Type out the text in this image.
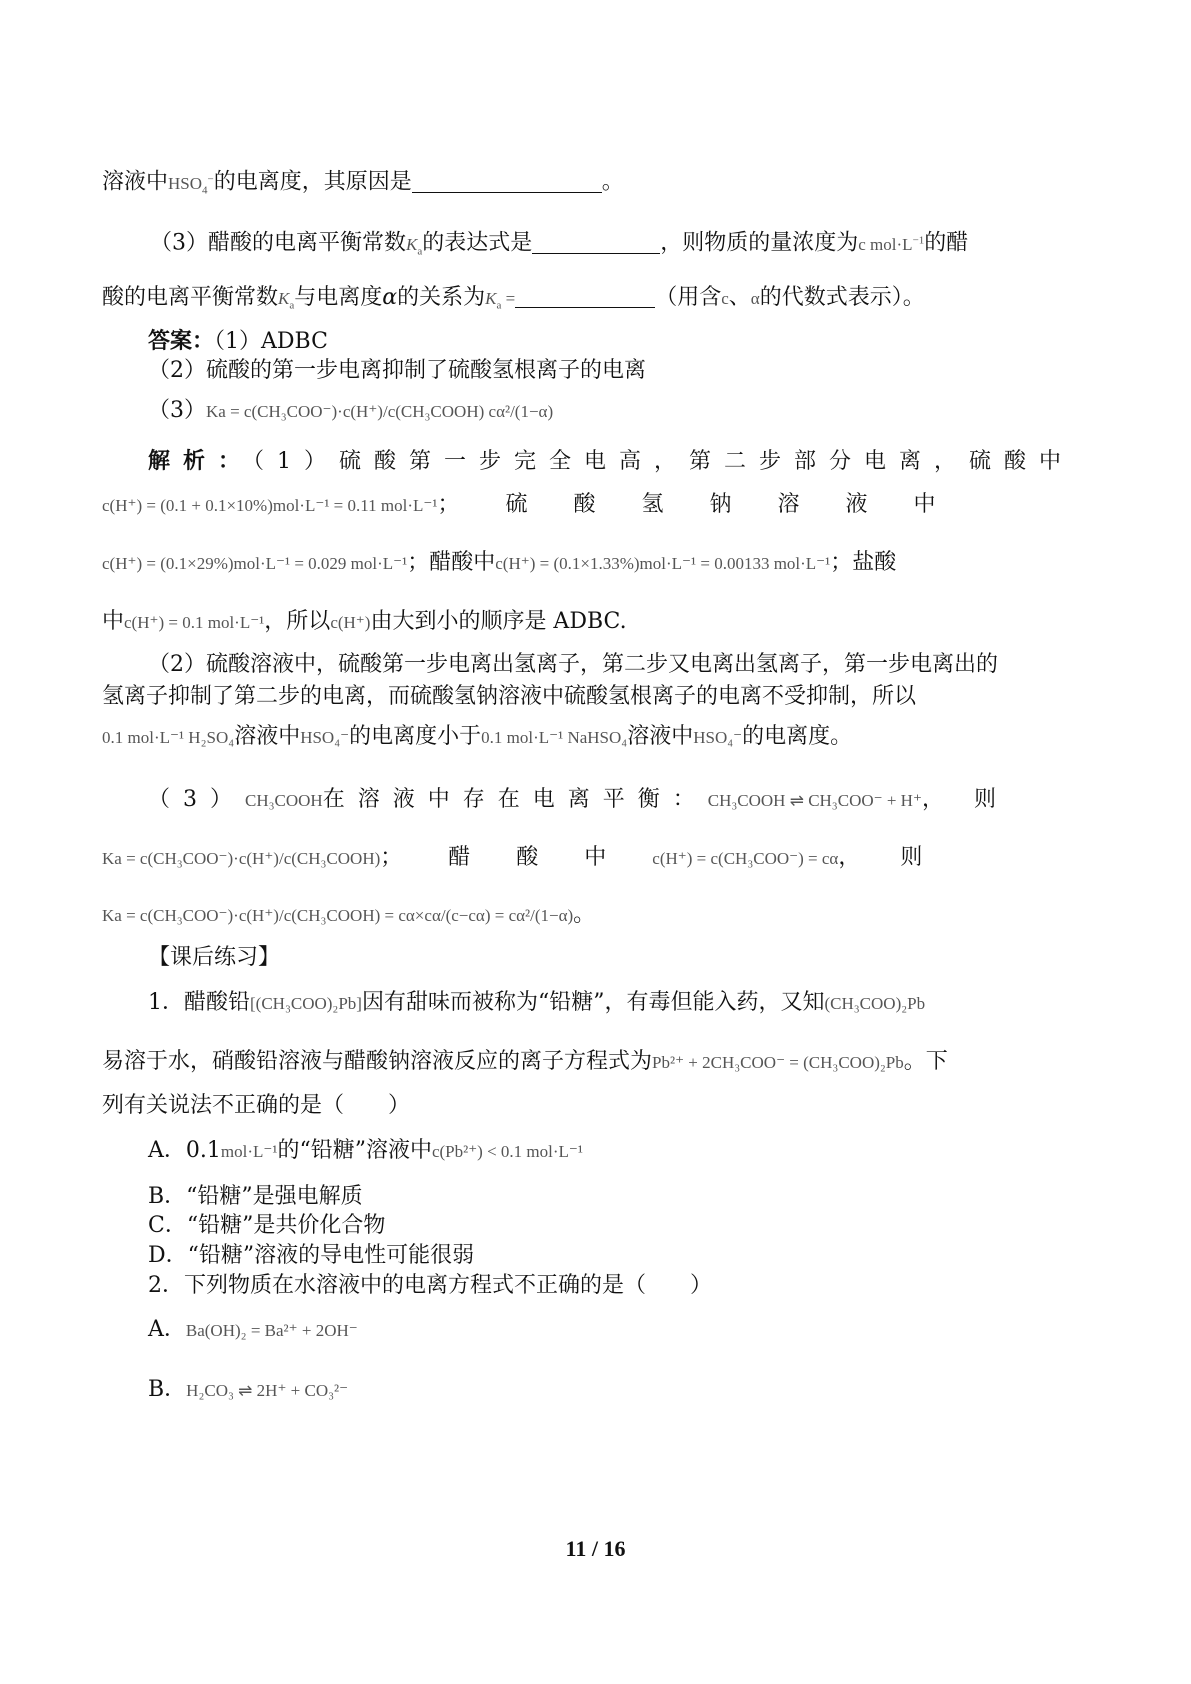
溶液中$HSO_4^-$的电离度，其原因是	。
（3）醋酸的电离平衡常数$K_a$的表达式是	，则物质的量浓度为c $mol\cdot L^{-1}$的醋
酸的电离平衡常数$K_a$与电离度α的关系为$K_a$ =	（用含c、α的代数式表示）。
答案：（1）ADBC
（2）硫酸的第一步电离抑制了硫酸氢根离子的电离
（3）Ka = c(CH₃COO⁻)·c(H⁺)/c(CH₃COOH) cα²/(1−α)
解析：（1）硫酸第一步完全电高，第二步部分电离，硫酸中
c(H⁺) = (0.1 + 0.1×10%)mol·L⁻¹ = 0.11 mol·L⁻¹；硫酸氢钠溶液中
c(H⁺) = (0.1×29%)mol·L⁻¹ = 0.029 mol·L⁻¹；醋酸中c(H⁺) = (0.1×1.33%)mol·L⁻¹ = 0.00133 mol·L⁻¹；盐酸
中c(H⁺) = 0.1 mol·L⁻¹，所以c(H⁺)由大到小的顺序是 ADBC.
（2）硫酸溶液中，硫酸第一步电离出氢离子，第二步又电离出氢离子，第一步电离出的
氢离子抑制了第二步的电离，而硫酸氢钠溶液中硫酸氢根离子的电离不受抑制，所以
0.1 mol·L⁻¹ H₂SO₄溶液中HSO₄⁻的电离度小于0.1 mol·L⁻¹ NaHSO₄溶液中HSO₄⁻的电离度。
（3）CH₃COOH在溶液中存在电离平衡：CH₃COOH ⇌ CH₃COO⁻ + H⁺，则
Ka = c(CH₃COO⁻)·c(H⁺)/c(CH₃COOH)；醋酸中c(H⁺) = c(CH₃COO⁻) = cα，则
Ka = c(CH₃COO⁻)·c(H⁺)/c(CH₃COOH) = cα×cα/(c−cα) = cα²/(1−α)。
【课后练习】
1．醋酸铅[(CH₃COO)₂Pb]因有甜味而被称为“铅糖”，有毒但能入药，又知(CH₃COO)₂Pb
易溶于水，硝酸铅溶液与醋酸钠溶液反应的离子方程式为Pb²⁺ + 2CH₃COO⁻ = (CH₃COO)₂Pb。下
列有关说法不正确的是（　　）
A．0.1mol·L⁻¹的“铅糖”溶液中c(Pb²⁺) < 0.1 mol·L⁻¹
B．“铅糖”是强电解质
C．“铅糖”是共价化合物
D．“铅糖”溶液的导电性可能很弱
2．下列物质在水溶液中的电离方程式不正确的是（　　）
A．Ba(OH)₂ = Ba²⁺ + 2OH⁻
B．H₂CO₃ ⇌ 2H⁺ + CO₃²⁻
11 / 16
